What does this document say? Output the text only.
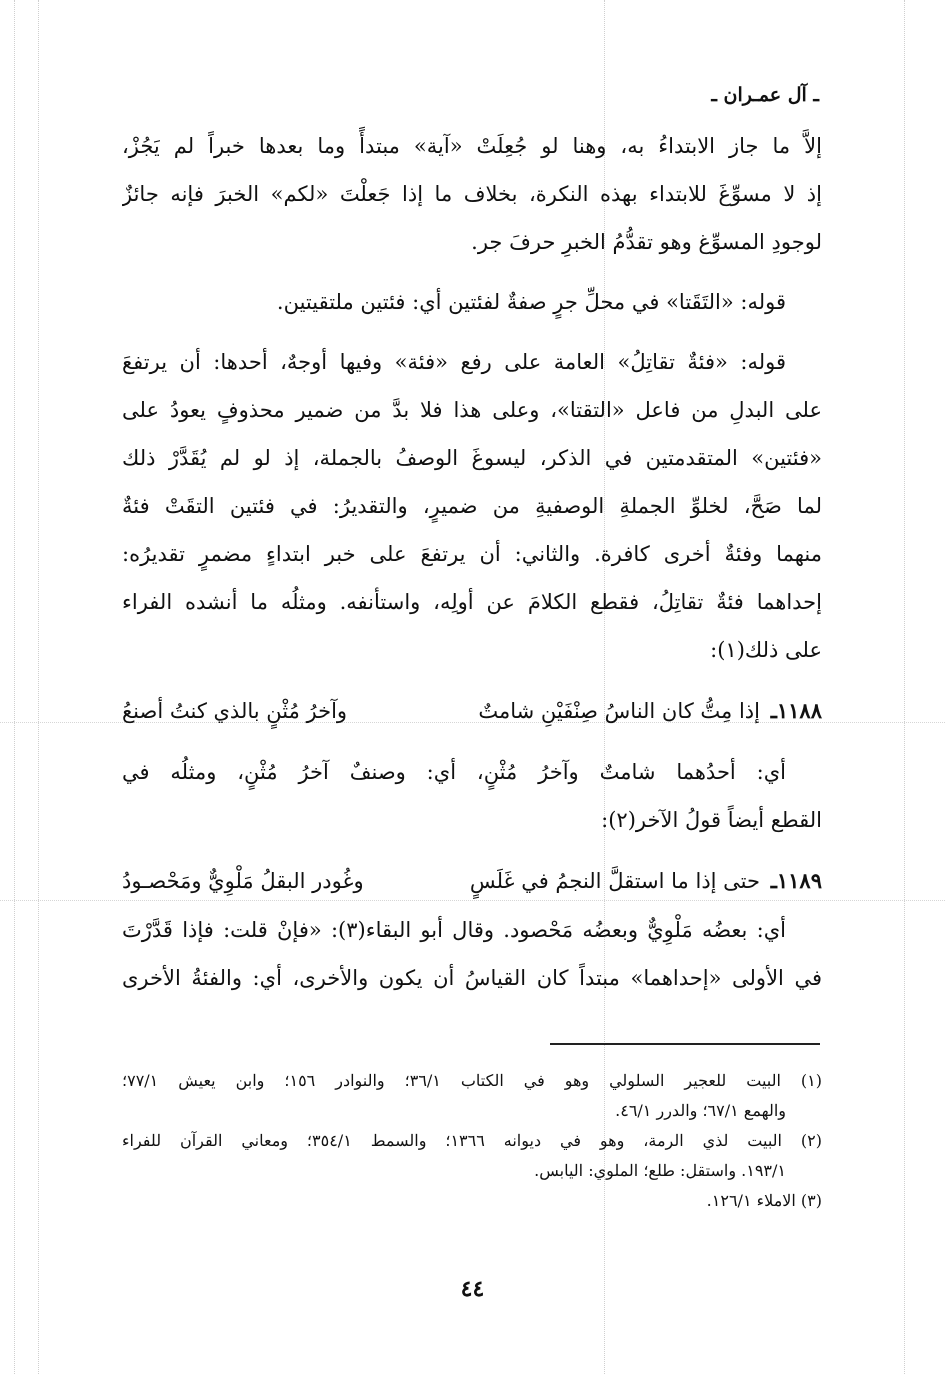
ـ آل عمـران ـ
إلاَّ ما جاز الابتداءُ به، وهنا لو جُعِلَتْ «آية» مبتدأً وما بعدها خبراً لم يَجُزْ،
إذ لا مسوِّغَ للابتداء بهذه النكرة، بخلاف ما إذا جَعلْتَ «لكم» الخبرَ فإنه جائزٌ
لوجودِ المسوِّغ وهو تقدُّمُ الخبرِ حرفَ جر.
قوله: «التَقَتا» في محلِّ جرٍ صفةٌ لفئتين أي: فئتين ملتقيتين.
قوله: «فئةٌ تقاتِلُ» العامة على رفع «فئة» وفيها أوجهٌ، أحدها: أن يرتفعَ
على البدلِ من فاعل «التقتا»، وعلى هذا فلا بدَّ من ضمير محذوفٍ يعودُ على
«فئتين» المتقدمتين في الذكر، ليسوغَ الوصفُ بالجملة، إذ لو لم يُقَدَّرْ ذلك
لما صَحَّ، لخلوِّ الجملةِ الوصفيةِ من ضميرٍ، والتقديرُ: في فئتين التقَتْ فئةٌ
منهما وفئةٌ أخرى كافرة. والثاني: أن يرتفعَ على خبر ابتداءٍ مضمرٍ تقديرُه:
إحداهما فئةٌ تقاتِلُ، فقطع الكلامَ عن أولِه، واستأنفه. ومثلُه ما أنشده الفراء
على ذلك(١):
١١٨٨ـ
إذا مِتُّ كان الناسُ صِنْفَيْنِ شامتٌ
وآخرُ مُثْنٍ بالذي كنتُ أصنعُ
أي: أحدُهما شامتٌ وآخرُ مُثْنٍ، أي: وصنفٌ آخرُ مُثْنٍ، ومثلُه في
القطع أيضاً قولُ الآخر(٢):
١١٨٩ـ
حتى إذا ما استقلَّ النجمُ في غَلَسٍ
وغُودر البقلُ مَلْوِيٌّ ومَحْصـودُ
أي: بعضُه مَلْوِيٌّ وبعضُه مَحْصود. وقال أبو البقاء(٣): «فإنْ قلت: فإذا قَدَّرْتَ
في الأولى «إحداهما» مبتداً كان القياسُ أن يكون والأخرى، أي: والفئةُ الأخرى
(١) البيت للعجير السلولي وهو في الكتاب ٣٦/١؛ والنوادر ١٥٦؛ وابن يعيش ٧٧/١؛
والهمع ٦٧/١؛ والدرر ٤٦/١.
(٢) البيت لذي الرمة، وهو في ديوانه ١٣٦٦؛ والسمط ٣٥٤/١؛ ومعاني القرآن للفراء
١٩٣/١. واستقل: طلع؛ الملوي: اليابس.
(٣) الاملاء ١٢٦/١.
٤٤
